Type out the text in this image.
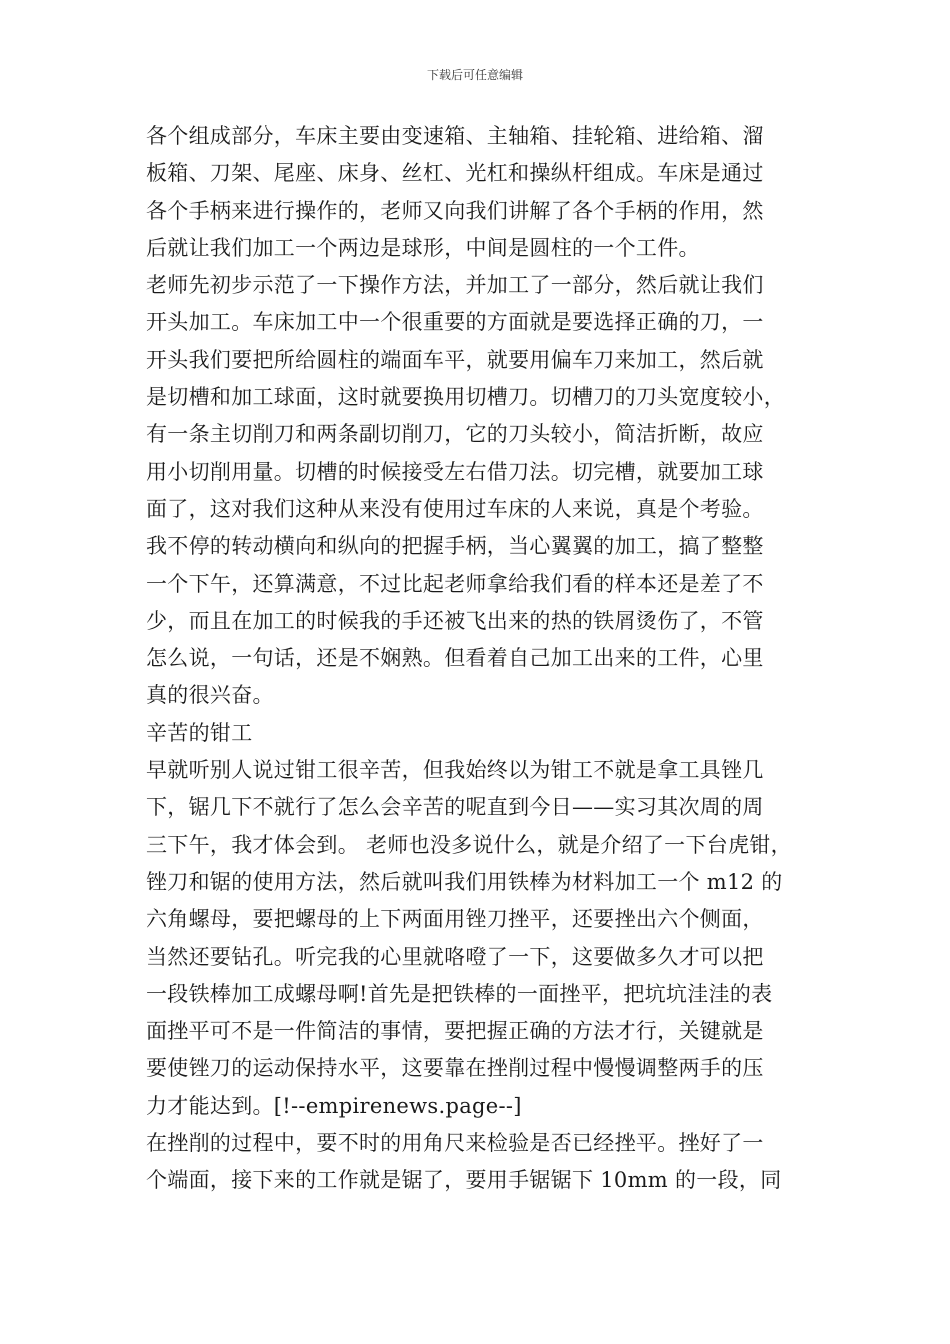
下载后可任意编辑
各个组成部分，车床主要由变速箱、主轴箱、挂轮箱、进给箱、溜
板箱、刀架、尾座、床身、丝杠、光杠和操纵杆组成。车床是通过
各个手柄来进行操作的，老师又向我们讲解了各个手柄的作用，然
后就让我们加工一个两边是球形，中间是圆柱的一个工件。
老师先初步示范了一下操作方法，并加工了一部分，然后就让我们
开头加工。车床加工中一个很重要的方面就是要选择正确的刀，一
开头我们要把所给圆柱的端面车平，就要用偏车刀来加工，然后就
是切槽和加工球面，这时就要换用切槽刀。切槽刀的刀头宽度较小，
有一条主切削刀和两条副切削刀，它的刀头较小，简洁折断，故应
用小切削用量。切槽的时候接受左右借刀法。切完槽，就要加工球
面了，这对我们这种从来没有使用过车床的人来说，真是个考验。
我不停的转动横向和纵向的把握手柄，当心翼翼的加工，搞了整整
一个下午，还算满意，不过比起老师拿给我们看的样本还是差了不
少，而且在加工的时候我的手还被飞出来的热的铁屑烫伤了，不管
怎么说，一句话，还是不娴熟。但看着自己加工出来的工件，心里
真的很兴奋。
辛苦的钳工
早就听别人说过钳工很辛苦，但我始终以为钳工不就是拿工具锉几
下，锯几下不就行了怎么会辛苦的呢直到今日——实习其次周的周
三下午，我才体会到。 老师也没多说什么，就是介绍了一下台虎钳，
锉刀和锯的使用方法，然后就叫我们用铁棒为材料加工一个 m12 的
六角螺母，要把螺母的上下两面用锉刀挫平，还要挫出六个侧面，
当然还要钻孔。听完我的心里就咯噔了一下，这要做多久才可以把
一段铁棒加工成螺母啊!首先是把铁棒的一面挫平，把坑坑洼洼的表
面挫平可不是一件简洁的事情，要把握正确的方法才行，关键就是
要使锉刀的运动保持水平，这要靠在挫削过程中慢慢调整两手的压
力才能达到。[!--empirenews.page--]
在挫削的过程中，要不时的用角尺来检验是否已经挫平。挫好了一
个端面，接下来的工作就是锯了，要用手锯锯下 10mm 的一段，同
